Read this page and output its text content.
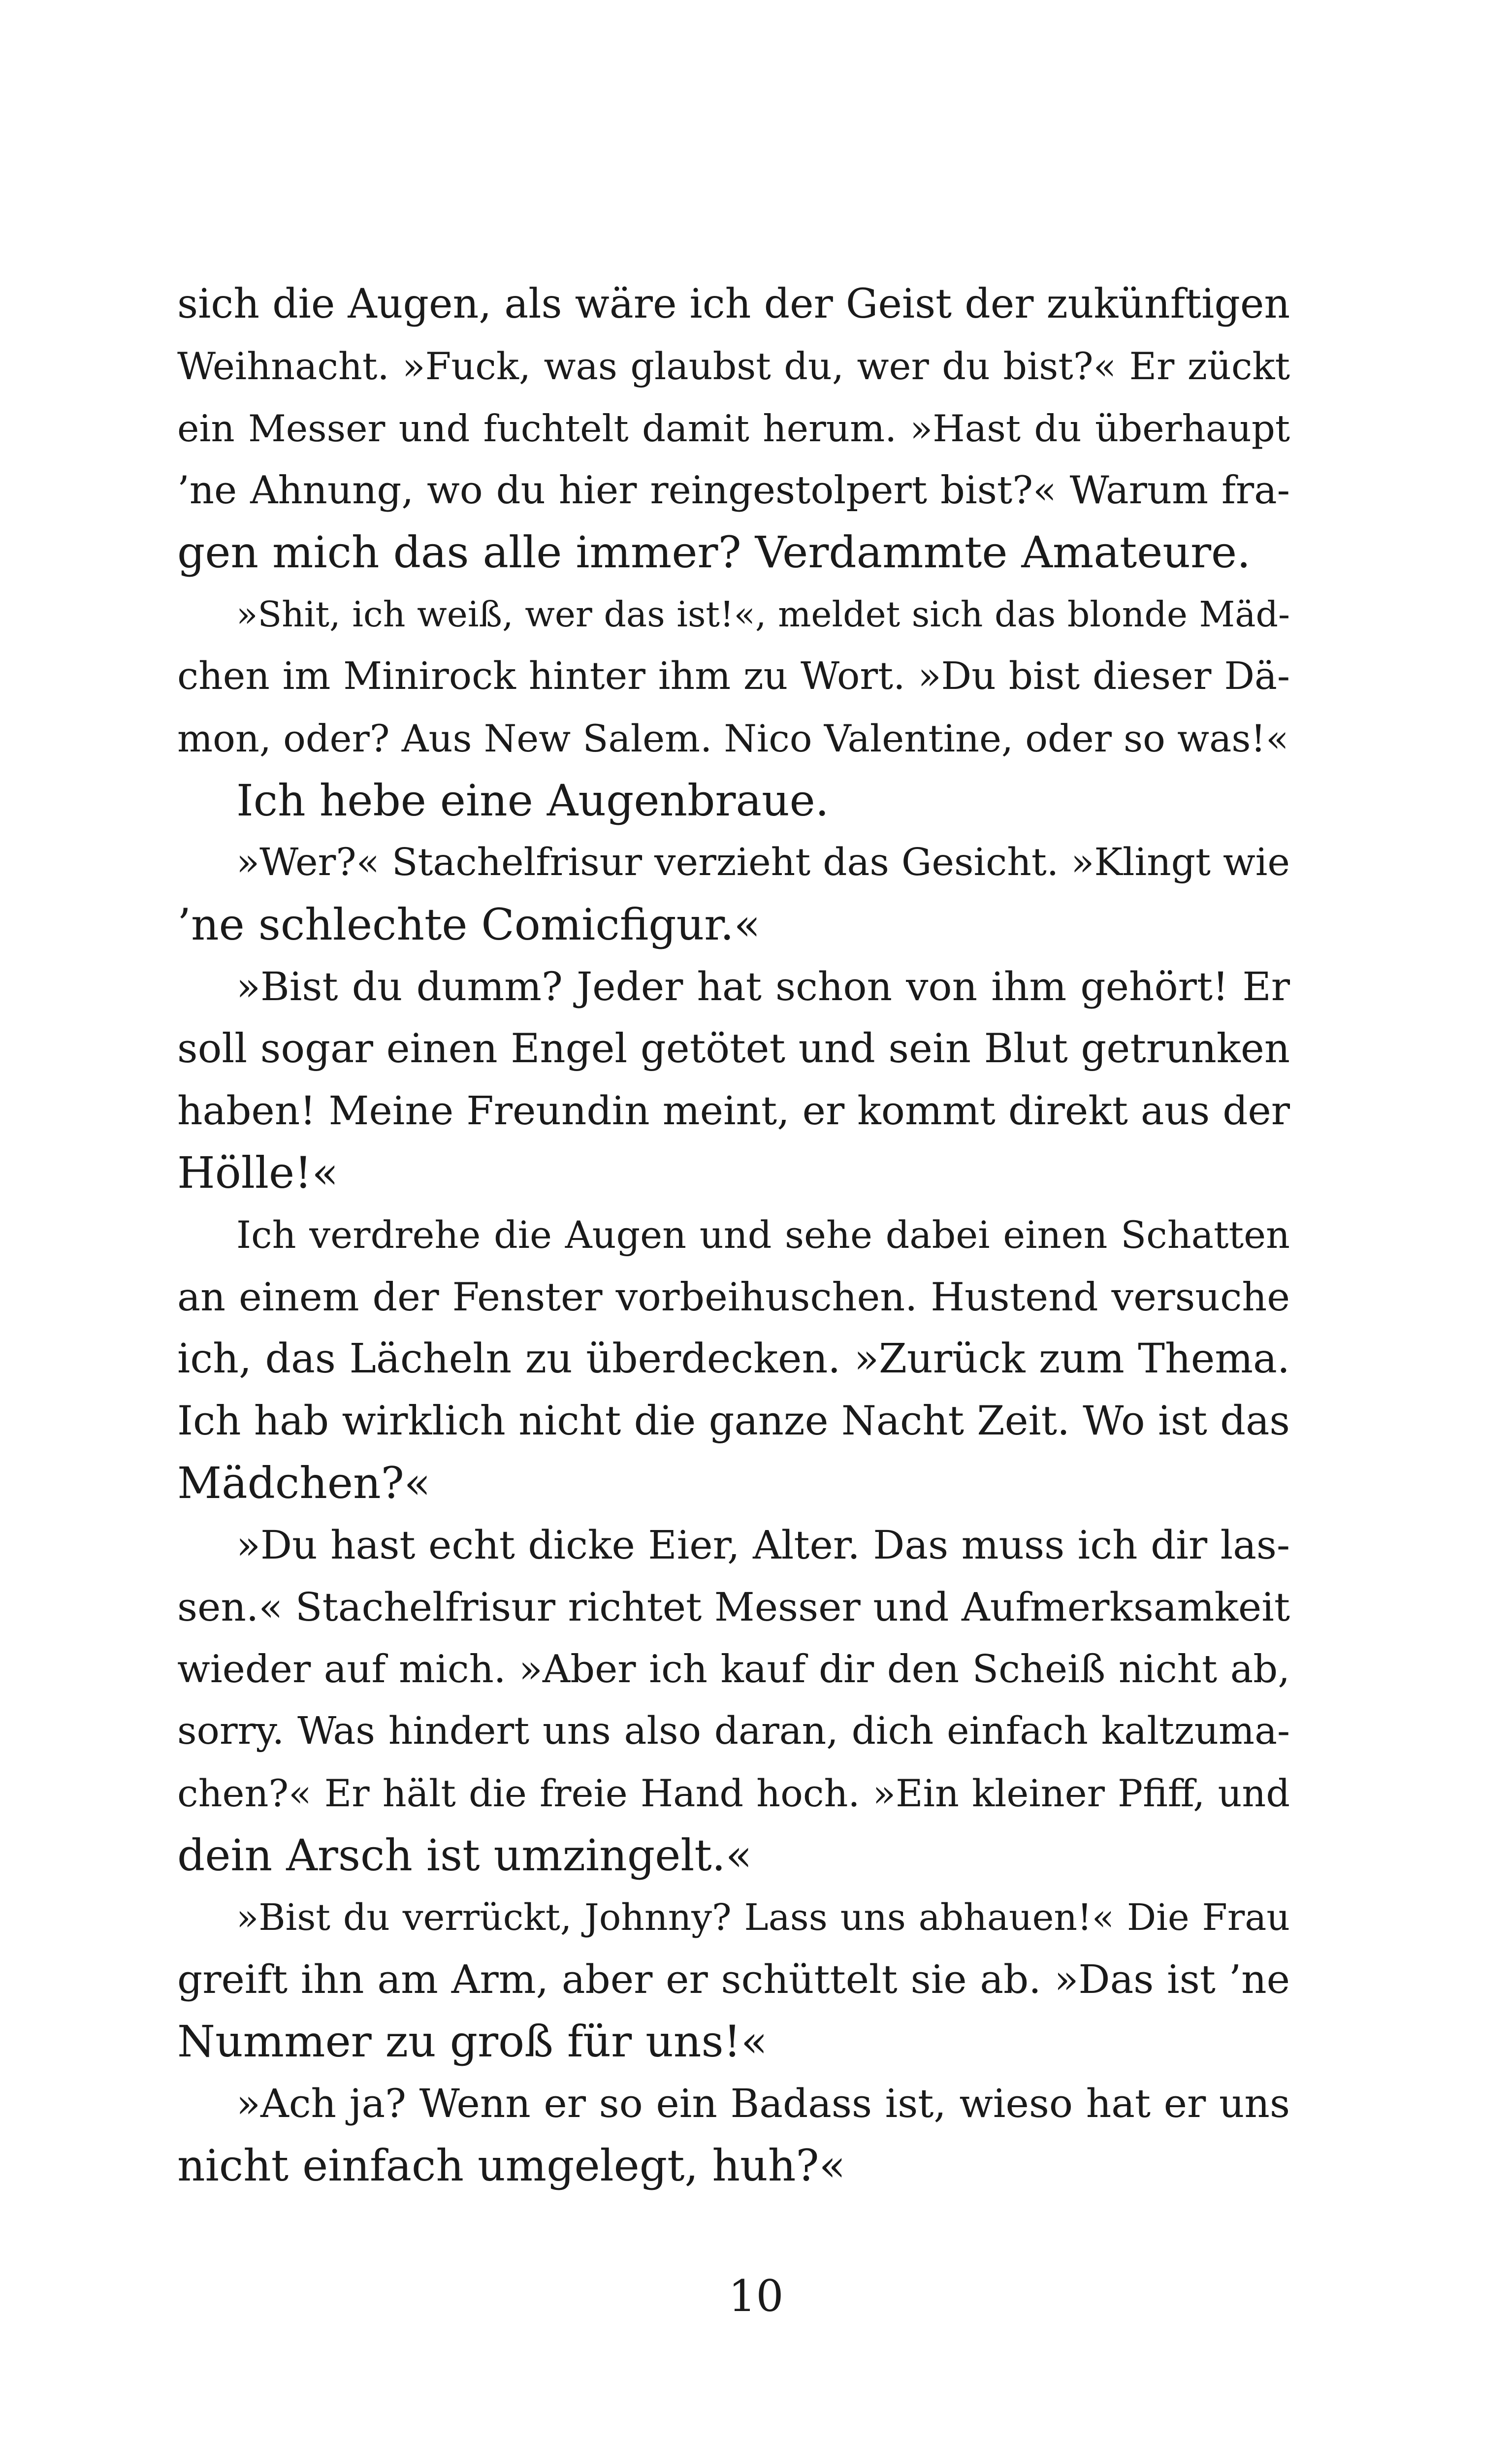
sich die Augen, als wäre ich der Geist der zukünftigen
Weihnacht. »Fuck, was glaubst du, wer du bist?« Er zückt
ein Messer und fuchtelt damit herum. »Hast du überhaupt
’ne Ahnung, wo du hier reingestolpert bist?« Warum fra-
gen mich das alle immer? Verdammte Amateure.
»Shit, ich weiß, wer das ist!«, meldet sich das blonde Mäd-
chen im Minirock hinter ihm zu Wort. »Du bist dieser Dä-
mon, oder? Aus New Salem. Nico Valentine, oder so was!«
Ich hebe eine Augenbraue.
»Wer?« Stachelfrisur verzieht das Gesicht. »Klingt wie
’ne schlechte Comicfigur.«
»Bist du dumm? Jeder hat schon von ihm gehört! Er
soll sogar einen Engel getötet und sein Blut getrunken
haben! Meine Freundin meint, er kommt direkt aus der
Hölle!«
Ich verdrehe die Augen und sehe dabei einen Schatten
an einem der Fenster vorbeihuschen. Hustend versuche
ich, das Lächeln zu überdecken. »Zurück zum Thema.
Ich hab wirklich nicht die ganze Nacht Zeit. Wo ist das
Mädchen?«
»Du hast echt dicke Eier, Alter. Das muss ich dir las-
sen.« Stachelfrisur richtet Messer und Aufmerksamkeit
wieder auf mich. »Aber ich kauf dir den Scheiß nicht ab,
sorry. Was hindert uns also daran, dich einfach kaltzuma-
chen?« Er hält die freie Hand hoch. »Ein kleiner Pfiff, und
dein Arsch ist umzingelt.«
»Bist du verrückt, Johnny? Lass uns abhauen!« Die Frau
greift ihn am Arm, aber er schüttelt sie ab. »Das ist ’ne
Nummer zu groß für uns!«
»Ach ja? Wenn er so ein Badass ist, wieso hat er uns
nicht einfach umgelegt, huh?«
10
